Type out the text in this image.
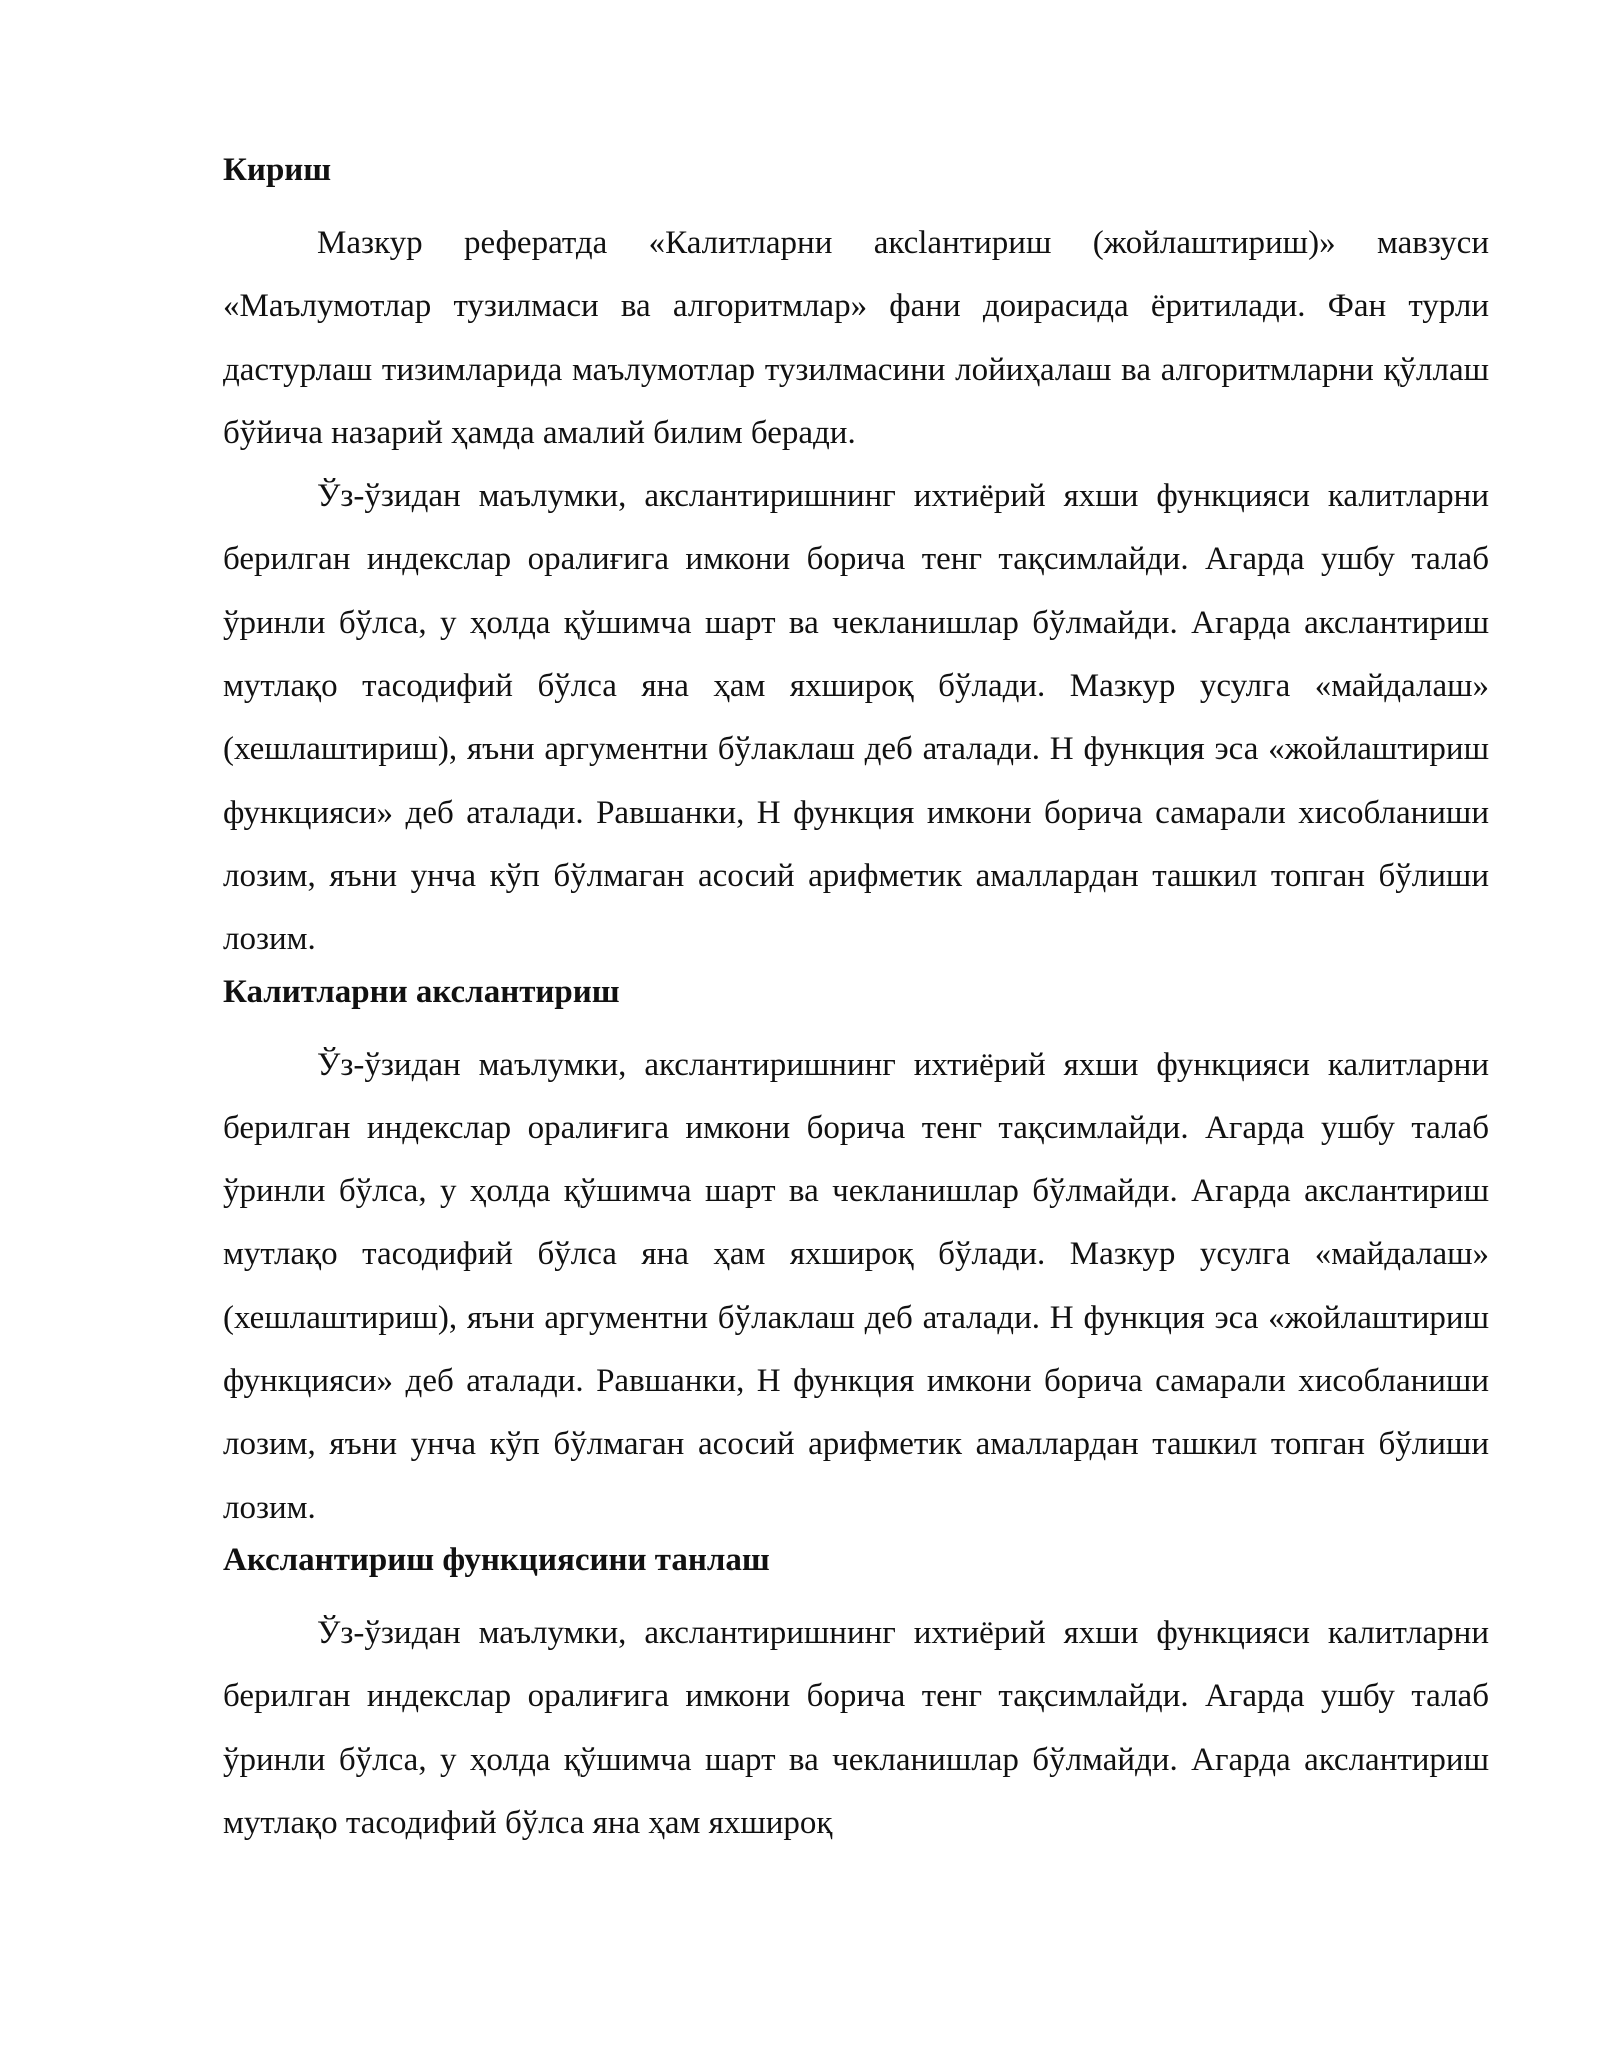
Кириш

Мазкур рефератда «Калитларни аксlaнтириш (жойлаштириш)» мавзуси «Маълумотлар тузилмаси ва алгоритмлар» фани доирасида ёритилади. Фан турли дастурлаш тизимларида маълумотлар тузилмасини лойиҳалаш ва алгоритмларни қўллаш бўйича назарий ҳамда амалий билим беради.

Ўз-ўзидан маълумки, акслантиришнинг ихтиёрий яхши функцияси калитларни берилган индекслар оралиғига имкони борича тенг тақсимлайди. Агарда ушбу талаб ўринли бўлса, у ҳолда қўшимча шарт ва чекланишлар бўлмайди. Агарда акслантириш мутлақо тасодифий бўлса яна ҳам яхшироқ бўлади. Мазкур усулга «майдалаш» (хешлаштириш), яъни аргументни бўлаклаш деб аталади. H функция эса «жойлаштириш функцияси» деб аталади. Равшанки, H функция имкони борича самарали хисобланиши лозим, яъни унча кўп бўлмаган асосий арифметик амаллардан ташкил топган бўлиши лозим.

Калитларни акслантириш

Ўз-ўзидан маълумки, акслантиришнинг ихтиёрий яхши функцияси калитларни берилган индекслар оралиғига имкони борича тенг тақсимлайди. Агарда ушбу талаб ўринли бўлса, у ҳолда қўшимча шарт ва чекланишлар бўлмайди. Агарда акслантириш мутлақо тасодифий бўлса яна ҳам яхшироқ бўлади. Мазкур усулга «майдалаш» (хешлаштириш), яъни аргументни бўлаклаш деб аталади. H функция эса «жойлаштириш функцияси» деб аталади. Равшанки, H функция имкони борича самарали хисобланиши лозим, яъни унча кўп бўлмаган асосий арифметик амаллардан ташкил топган бўлиши лозим.

Акслантириш функциясини танлаш

Ўз-ўзидан маълумки, акслантиришнинг ихтиёрий яхши функцияси калитларни берилган индекслар оралиғига имкони борича тенг тақсимлайди. Агарда ушбу талаб ўринли бўлса, у ҳолда қўшимча шарт ва чекланишлар бўлмайди. Агарда акслантириш мутлақо тасодифий бўлса яна ҳам яхшироқ
